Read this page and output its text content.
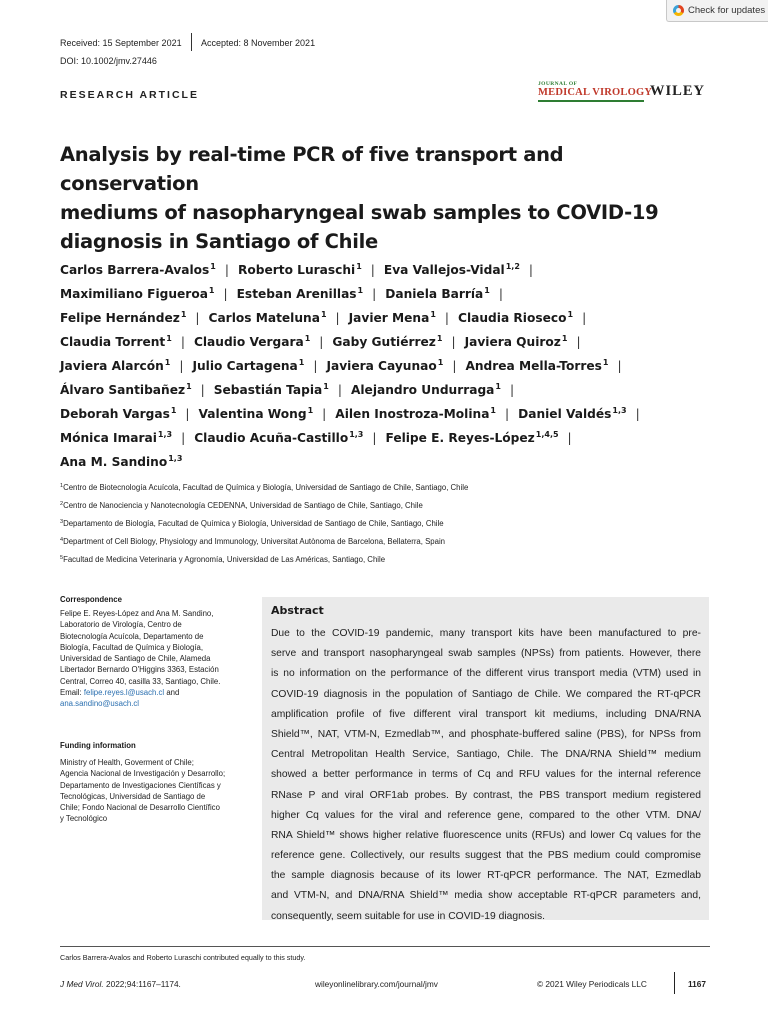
Check for updates
Received: 15 September 2021 Accepted: 8 November 2021
DOI: 10.1002/jmv.27446
RESEARCH ARTICLE
JOURNAL OF
MEDICAL VIROLOGY
WILEY
Analysis by real-time PCR of five transport and conservation
mediums of nasopharyngeal swab samples to COVID-19
diagnosis in Santiago of Chile
Carlos Barrera-Avalos$^1$ | Roberto Luraschi$^1$ | Eva Vallejos-Vidal$^{1,2}$ |
Maximiliano Figueroa$^1$ | Esteban Arenillas$^1$ | Daniela Barría$^1$ |
Felipe Hernández$^1$ | Carlos Mateluna$^1$ | Javier Mena$^1$ | Claudia Rioseco$^1$ |
Claudia Torrent$^1$ | Claudio Vergara$^1$ | Gaby Gutiérrez$^1$ | Javiera Quiroz$^1$ |
Javiera Alarcón$^1$ | Julio Cartagena$^1$ | Javiera Cayunao$^1$ | Andrea Mella-Torres$^1$ |
Álvaro Santibañez$^1$ | Sebastián Tapia$^1$ | Alejandro Undurraga$^1$ |
Deborah Vargas$^1$ | Valentina Wong$^1$ | Ailen Inostroza-Molina$^1$ | Daniel Valdés$^{1,3}$ |
Mónica Imarai$^{1,3}$ | Claudio Acuña-Castillo$^{1,3}$ | Felipe E. Reyes-López$^{1,4,5}$ |
Ana M. Sandino$^{1,3}$
$^1$Centro de Biotecnología Acuícola, Facultad de Química y Biología, Universidad de Santiago de Chile, Santiago, Chile
$^2$Centro de Nanociencia y Nanotecnología CEDENNA, Universidad de Santiago de Chile, Santiago, Chile
$^3$Departamento de Biología, Facultad de Química y Biología, Universidad de Santiago de Chile, Santiago, Chile
$^4$Department of Cell Biology, Physiology and Immunology, Universitat Autònoma de Barcelona, Bellaterra, Spain
$^5$Facultad de Medicina Veterinaria y Agronomía, Universidad de Las Américas, Santiago, Chile
Correspondence
Felipe E. Reyes-López and Ana M. Sandino,
Laboratorio de Virología, Centro de
Biotecnología Acuícola, Departamento de
Biología, Facultad de Química y Biología,
Universidad de Santiago de Chile, Alameda
Libertador Bernardo O'Higgins 3363, Estación
Central, Correo 40, casilla 33, Santiago, Chile.
Email: felipe.reyes.l@usach.cl and
ana.sandino@usach.cl
Funding information
Ministry of Health, Goverment of Chile;
Agencia Nacional de Investigación y Desarrollo;
Departamento de Investigaciones Científicas y
Tecnológicas, Universidad de Santiago de
Chile; Fondo Nacional de Desarrollo Científico
y Tecnológico
Abstract
Due to the COVID-19 pandemic, many transport kits have been manufactured to pre-
serve and transport nasopharyngeal swab samples (NPSs) from patients. However, there
is no information on the performance of the different virus transport media (VTM) used in
COVID-19 diagnosis in the population of Santiago de Chile. We compared the RT-qPCR
amplification profile of five different viral transport kit mediums, including DNA/RNA
Shield™, NAT, VTM-N, Ezmedlab™, and phosphate-buffered saline (PBS), for NPSs from
Central Metropolitan Health Service, Santiago, Chile. The DNA/RNA Shield™ medium
showed a better performance in terms of Cq and RFU values for the internal reference
RNase P and viral ORF1ab probes. By contrast, the PBS transport medium registered
higher Cq values for the viral and reference gene, compared to the other VTM. DNA/
RNA Shield™ shows higher relative fluorescence units (RFUs) and lower Cq values for the
reference gene. Collectively, our results suggest that the PBS medium could compromise
the sample diagnosis because of its lower RT-qPCR performance. The NAT, Ezmedlab
and VTM-N, and DNA/RNA Shield™ media show acceptable RT-qPCR parameters and,
consequently, seem suitable for use in COVID-19 diagnosis.
Carlos Barrera-Avalos and Roberto Luraschi contributed equally to this study.
J Med Virol. 2022;94:1167–1174.	wileyonlinelibrary.com/journal/jmv	© 2021 Wiley Periodicals LLC	1167
